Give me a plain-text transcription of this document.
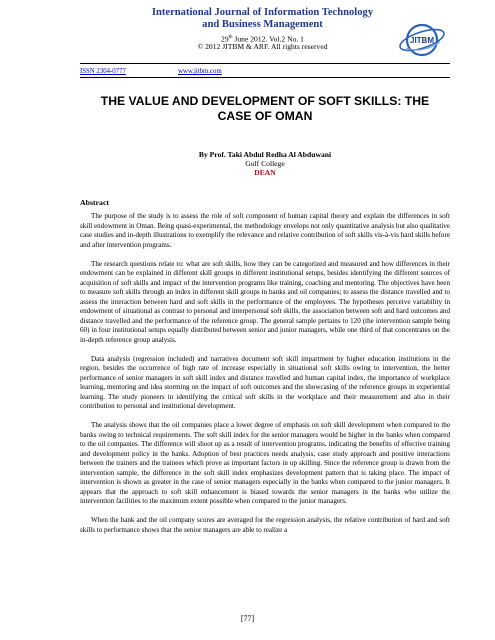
International Journal of Information Technology and Business Management
29th June 2012. Vol.2 No. 1
© 2012 JITBM & ARF. All rights reserved
JITBM
ISSN 2304-0777	www.jitbm.com
THE VALUE AND DEVELOPMENT OF SOFT SKILLS: THE CASE OF OMAN
By Prof. Taki Abdul Redha Al Abduwani
Gulf College
DEAN
Abstract

The purpose of the study is to assess the role of soft component of human capital theory and explain the differences in soft skill endowment in Oman. Being quasi-experimental, the methodology envelops not only quantitative analysis but also qualitative case studies and in-depth illustrations to exemplify the relevance and relative contribution of soft skills vis-à-vis hard skills before and after intervention programs.

The research questions relate to: what are soft skills, how they can be categorized and measured and how differences in their endowment can be explained in different skill groups in different institutional setups, besides identifying the different sources of acquisition of soft skills and impact of the intervention programs like training, coaching and mentoring. The objectives have been to measure soft skills through an index in different skill groups in banks and oil companies; to assess the distance travelled and to assess the interaction between hard and soft skills in the performance of the employees. The hypotheses perceive variability in endowment of situational as contrast to personal and interpersonal soft skills, the association between soft and hard outcomes and distance travelled and the performance of the reference group. The general sample pertains to 120 (the intervention sample being 60) in four institutional setups equally distributed between senior and junior managers, while one third of that concentrates on the in-depth reference group analysis.

Data analysis (regression included) and narratives document soft skill impartment by higher education institutions in the region, besides the occurrence of high rate of increase especially in situational soft skills owing to intervention, the better performance of senior managers in soft skill index and distance travelled and human capital index, the importance of workplace learning, mentoring and idea storming on the impact of soft outcomes and the showcasing of the reference groups in experiential learning. The study pioneers in identifying the critical soft skills in the workplace and their measurement and also in their contribution to personal and institutional development.

The analysis shows that the oil companies place a lower degree of emphasis on soft skill development when compared to the banks owing to technical requirements. The soft skill index for the senior managers would be higher in the banks when compared to the oil companies. The difference will shoot up as a result of intervention programs, indicating the benefits of effective training and development policy in the banks. Adoption of best practices needs analysis, case study approach and positive interactions between the trainers and the trainees which prove as important factors in up skilling. Since the reference group is drawn from the intervention sample, the difference in the soft skill index emphasizes development pattern that is taking place. The impact of intervention is shown as greater in the case of senior managers especially in the banks when compared to the junior managers. It appears that the approach to soft skill enhancement is biased towards the senior managers in the banks who utilize the intervention facilities to the maximum extent possible when compared to the junior managers.

When the bank and the oil company scores are averaged for the regression analysis, the relative contribution of hard and soft skills to performance shows that the senior managers are able to realize a

[77]
